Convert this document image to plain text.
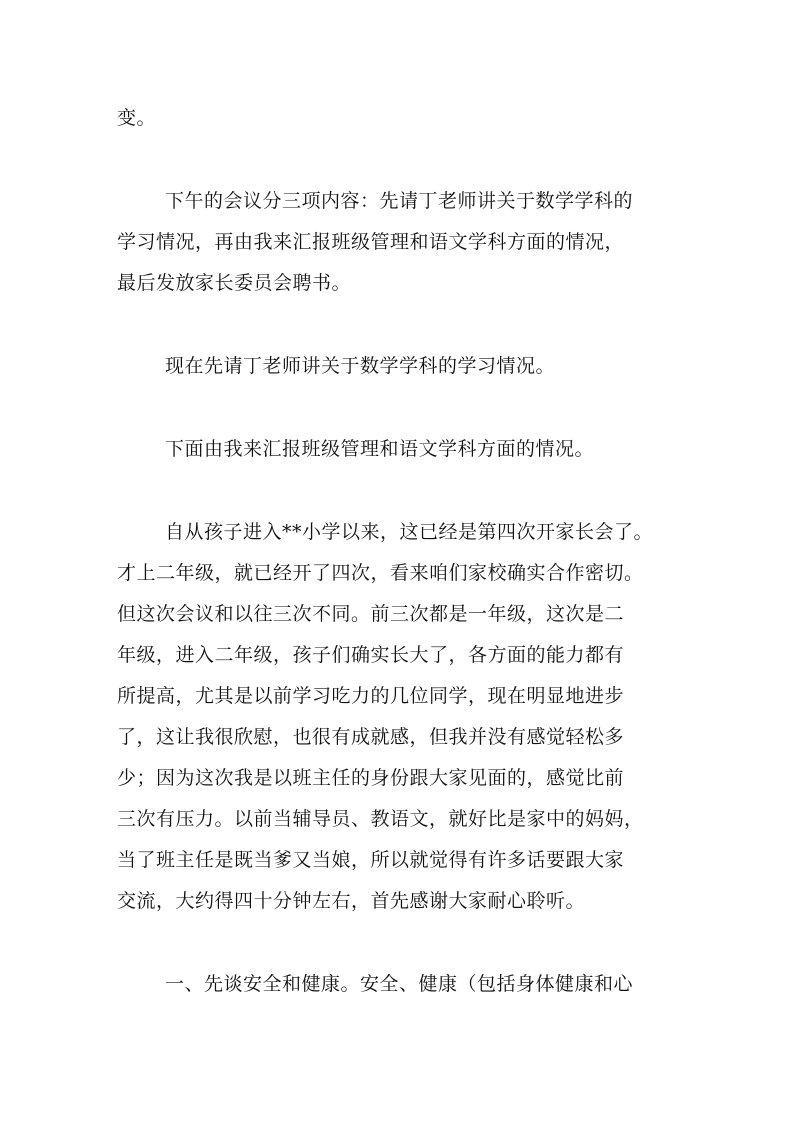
变。

下午的会议分三项内容：先请丁老师讲关于数学学科的
学习情况，再由我来汇报班级管理和语文学科方面的情况，
最后发放家长委员会聘书。

现在先请丁老师讲关于数学学科的学习情况。

下面由我来汇报班级管理和语文学科方面的情况。

自从孩子进入**小学以来，这已经是第四次开家长会了。
才上二年级，就已经开了四次，看来咱们家校确实合作密切。
但这次会议和以往三次不同。前三次都是一年级，这次是二
年级，进入二年级，孩子们确实长大了，各方面的能力都有
所提高，尤其是以前学习吃力的几位同学，现在明显地进步
了，这让我很欣慰，也很有成就感，但我并没有感觉轻松多
少；因为这次我是以班主任的身份跟大家见面的，感觉比前
三次有压力。以前当辅导员、教语文，就好比是家中的妈妈，
当了班主任是既当爹又当娘，所以就觉得有许多话要跟大家
交流，大约得四十分钟左右，首先感谢大家耐心聆听。

一、先谈安全和健康。安全、健康（包括身体健康和心
